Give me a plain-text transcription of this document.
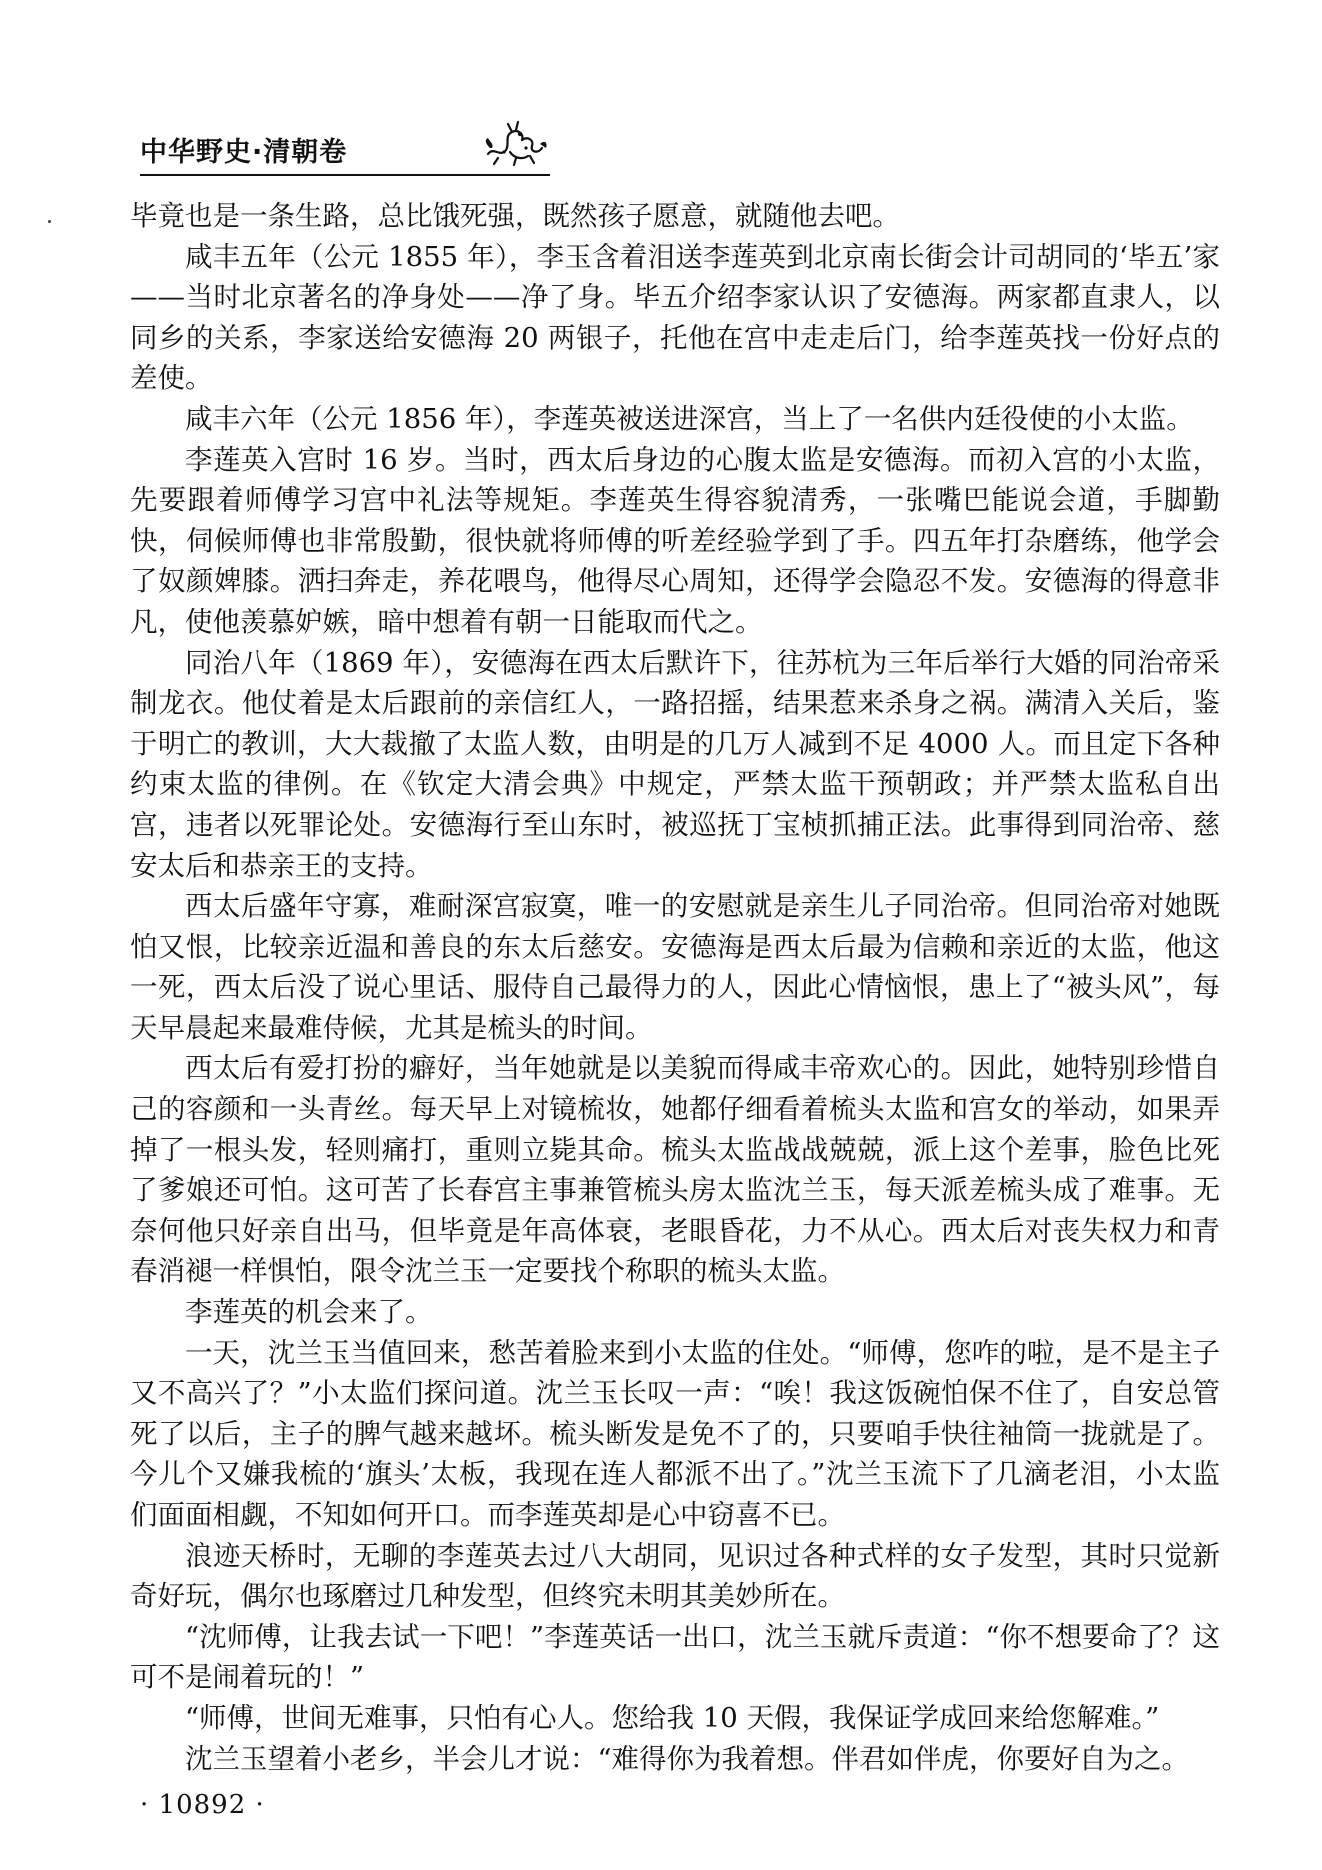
中华野史·清朝卷

毕竟也是一条生路，总比饿死强，既然孩子愿意，就随他去吧。

咸丰五年（公元 1855 年），李玉含着泪送李莲英到北京南长街会计司胡同的‘毕五’家——当时北京著名的净身处——净了身。毕五介绍李家认识了安德海。两家都直隶人，以同乡的关系，李家送给安德海 20 两银子，托他在宫中走走后门，给李莲英找一份好点的差使。

咸丰六年（公元 1856 年），李莲英被送进深宫，当上了一名供内廷役使的小太监。

李莲英入宫时 16 岁。当时，西太后身边的心腹太监是安德海。而初入宫的小太监，先要跟着师傅学习宫中礼法等规矩。李莲英生得容貌清秀，一张嘴巴能说会道，手脚勤快，伺候师傅也非常殷勤，很快就将师傅的听差经验学到了手。四五年打杂磨练，他学会了奴颜婢膝。洒扫奔走，养花喂鸟，他得尽心周知，还得学会隐忍不发。安德海的得意非凡，使他羡慕妒嫉，暗中想着有朝一日能取而代之。

同治八年（1869 年），安德海在西太后默许下，往苏杭为三年后举行大婚的同治帝采制龙衣。他仗着是太后跟前的亲信红人，一路招摇，结果惹来杀身之祸。满清入关后，鉴于明亡的教训，大大裁撤了太监人数，由明是的几万人减到不足 4000 人。而且定下各种约束太监的律例。在《钦定大清会典》中规定，严禁太监干预朝政；并严禁太监私自出宫，违者以死罪论处。安德海行至山东时，被巡抚丁宝桢抓捕正法。此事得到同治帝、慈安太后和恭亲王的支持。

西太后盛年守寡，难耐深宫寂寞，唯一的安慰就是亲生儿子同治帝。但同治帝对她既怕又恨，比较亲近温和善良的东太后慈安。安德海是西太后最为信赖和亲近的太监，他这一死，西太后没了说心里话、服侍自己最得力的人，因此心情恼恨，患上了“被头风”，每天早晨起来最难侍候，尤其是梳头的时间。

西太后有爱打扮的癖好，当年她就是以美貌而得咸丰帝欢心的。因此，她特别珍惜自己的容颜和一头青丝。每天早上对镜梳妆，她都仔细看着梳头太监和宫女的举动，如果弄掉了一根头发，轻则痛打，重则立毙其命。梳头太监战战兢兢，派上这个差事，脸色比死了爹娘还可怕。这可苦了长春宫主事兼管梳头房太监沈兰玉，每天派差梳头成了难事。无奈何他只好亲自出马，但毕竟是年高体衰，老眼昏花，力不从心。西太后对丧失权力和青春消褪一样惧怕，限令沈兰玉一定要找个称职的梳头太监。

李莲英的机会来了。

一天，沈兰玉当值回来，愁苦着脸来到小太监的住处。“师傅，您咋的啦，是不是主子又不高兴了？”小太监们探问道。沈兰玉长叹一声：“唉！我这饭碗怕保不住了，自安总管死了以后，主子的脾气越来越坏。梳头断发是免不了的，只要咱手快往袖筒一拢就是了。今儿个又嫌我梳的‘旗头’太板，我现在连人都派不出了。”沈兰玉流下了几滴老泪，小太监们面面相觑，不知如何开口。而李莲英却是心中窃喜不已。

浪迹天桥时，无聊的李莲英去过八大胡同，见识过各种式样的女子发型，其时只觉新奇好玩，偶尔也琢磨过几种发型，但终究未明其美妙所在。

“沈师傅，让我去试一下吧！”李莲英话一出口，沈兰玉就斥责道：“你不想要命了？这可不是闹着玩的！”

“师傅，世间无难事，只怕有心人。您给我 10 天假，我保证学成回来给您解难。”

沈兰玉望着小老乡，半会儿才说：“难得你为我着想。伴君如伴虎，你要好自为之。

· 10892 ·
